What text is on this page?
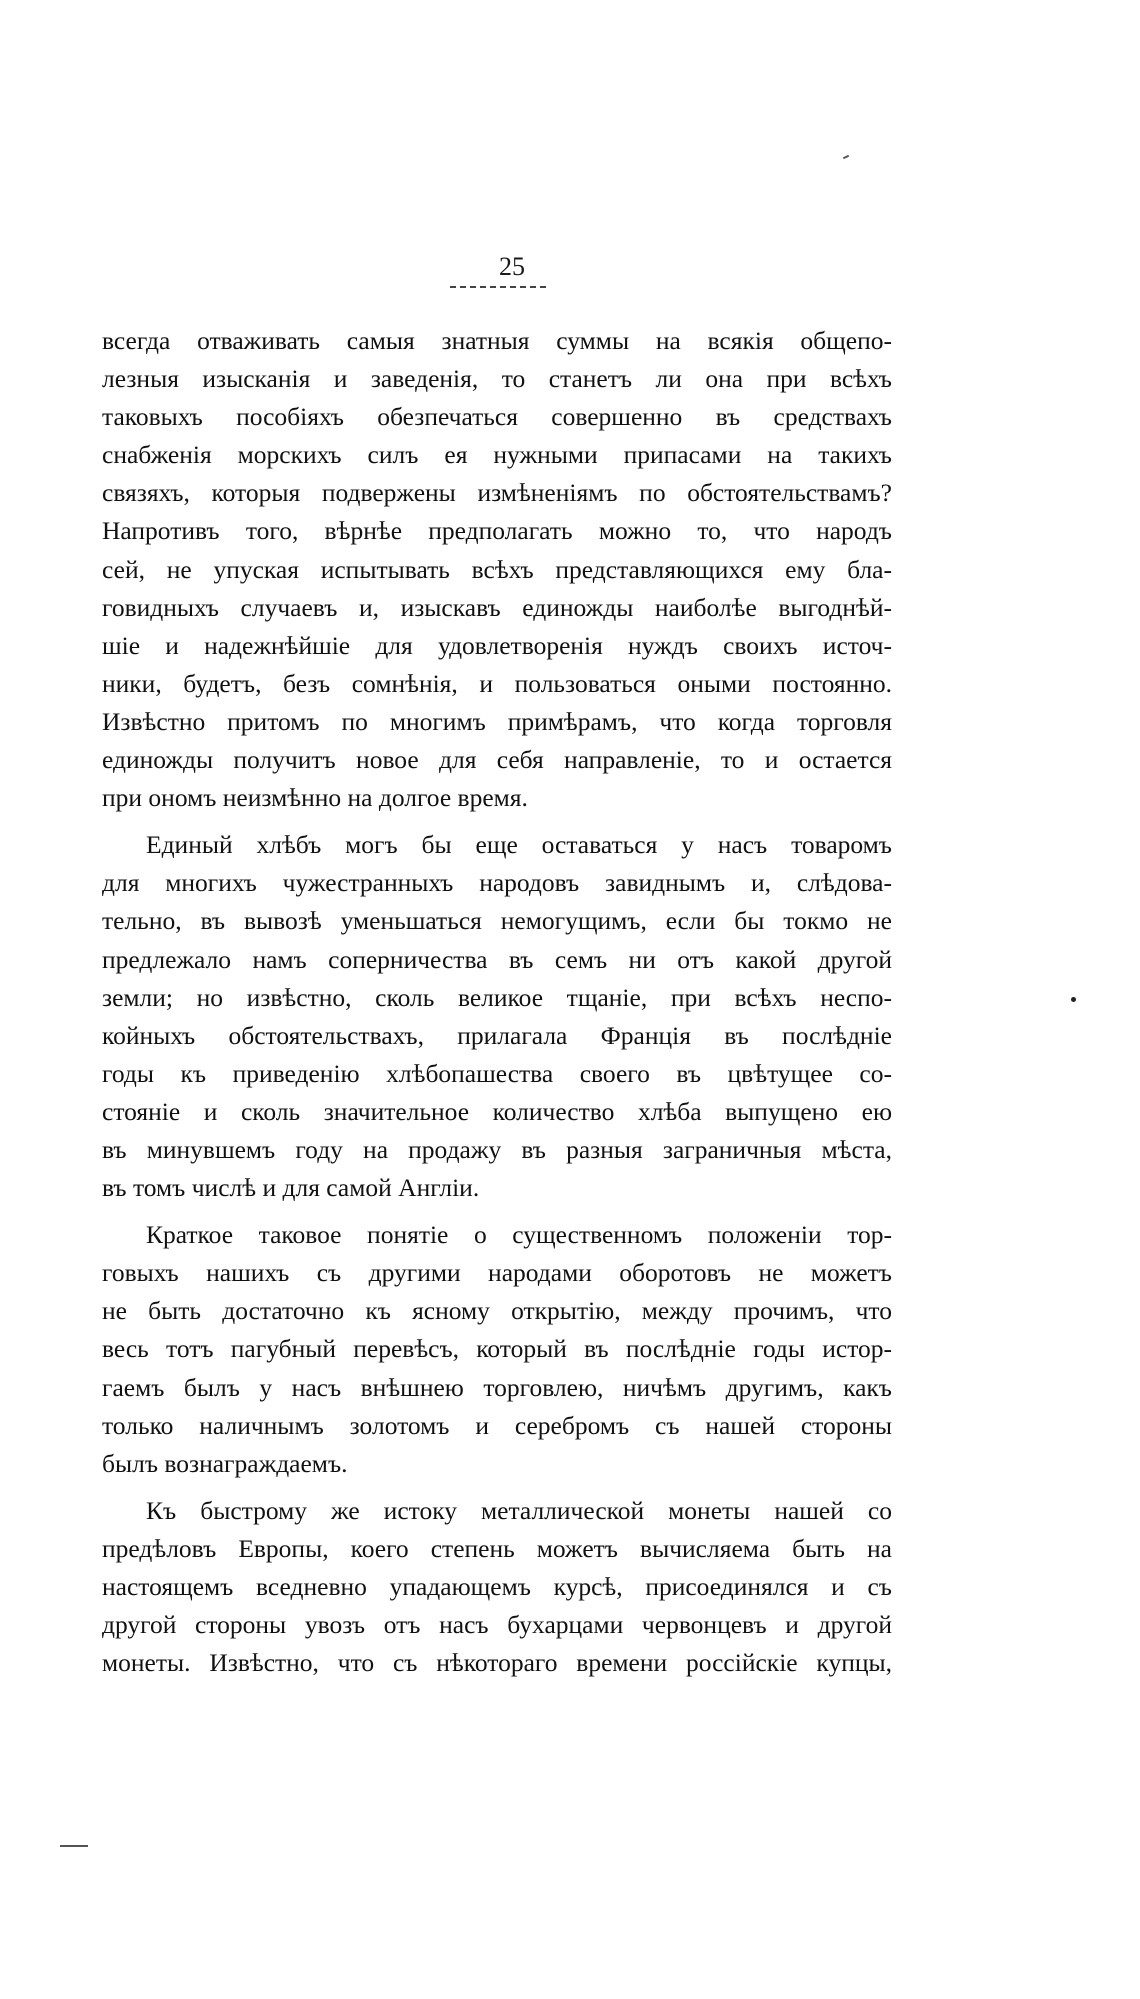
25
всегда отваживать самыя знатныя суммы на всякія общепо-
лезныя изысканія и заведенія, то станетъ ли она при всѣхъ
таковыхъ пособіяхъ обезпечаться совершенно въ средствахъ
снабженія морскихъ силъ ея нужными припасами на такихъ
связяхъ, которыя подвержены измѣненіямъ по обстоятельствамъ?
Напротивъ того, вѣрнѣе предполагать можно то, что народъ
сей, не упуская испытывать всѣхъ представляющихся ему бла-
говидныхъ случаевъ и, изыскавъ единожды наиболѣе выгоднѣй-
шіе и надежнѣйшіе для удовлетворенія нуждъ своихъ источ-
ники, будетъ, безъ сомнѣнія, и пользоваться оными постоянно.
Извѣстно притомъ по многимъ примѣрамъ, что когда торговля
единожды получитъ новое для себя направленіе, то и остается
при ономъ неизмѣнно на долгое время.
Единый хлѣбъ могъ бы еще оставаться у насъ товаромъ
для многихъ чужестранныхъ народовъ завиднымъ и, слѣдова-
тельно, въ вывозѣ уменьшаться немогущимъ, если бы токмо не
предлежало намъ соперничества въ семъ ни отъ какой другой
земли; но извѣстно, сколь великое тщаніе, при всѣхъ неспо-
койныхъ обстоятельствахъ, прилагала Франція въ послѣдніе
годы къ приведенію хлѣбопашества своего въ цвѣтущее со-
стояніе и сколь значительное количество хлѣба выпущено ею
въ минувшемъ году на продажу въ разныя заграничныя мѣста,
въ томъ числѣ и для самой Англіи.
Краткое таковое понятіе о существенномъ положеніи тор-
говыхъ нашихъ съ другими народами оборотовъ не можетъ
не быть достаточно къ ясному открытію, между прочимъ, что
весь тотъ пагубный перевѣсъ, который въ послѣдніе годы истор-
гаемъ былъ у насъ внѣшнею торговлею, ничѣмъ другимъ, какъ
только наличнымъ золотомъ и серебромъ съ нашей стороны
былъ вознаграждаемъ.
Къ быстрому же истоку металлической монеты нашей со
предѣловъ Европы, коего степень можетъ вычисляема быть на
настоящемъ вседневно упадающемъ курсѣ, присоединялся и съ
другой стороны увозъ отъ насъ бухарцами червонцевъ и другой
монеты. Извѣстно, что съ нѣкотораго времени россійскіе купцы,
